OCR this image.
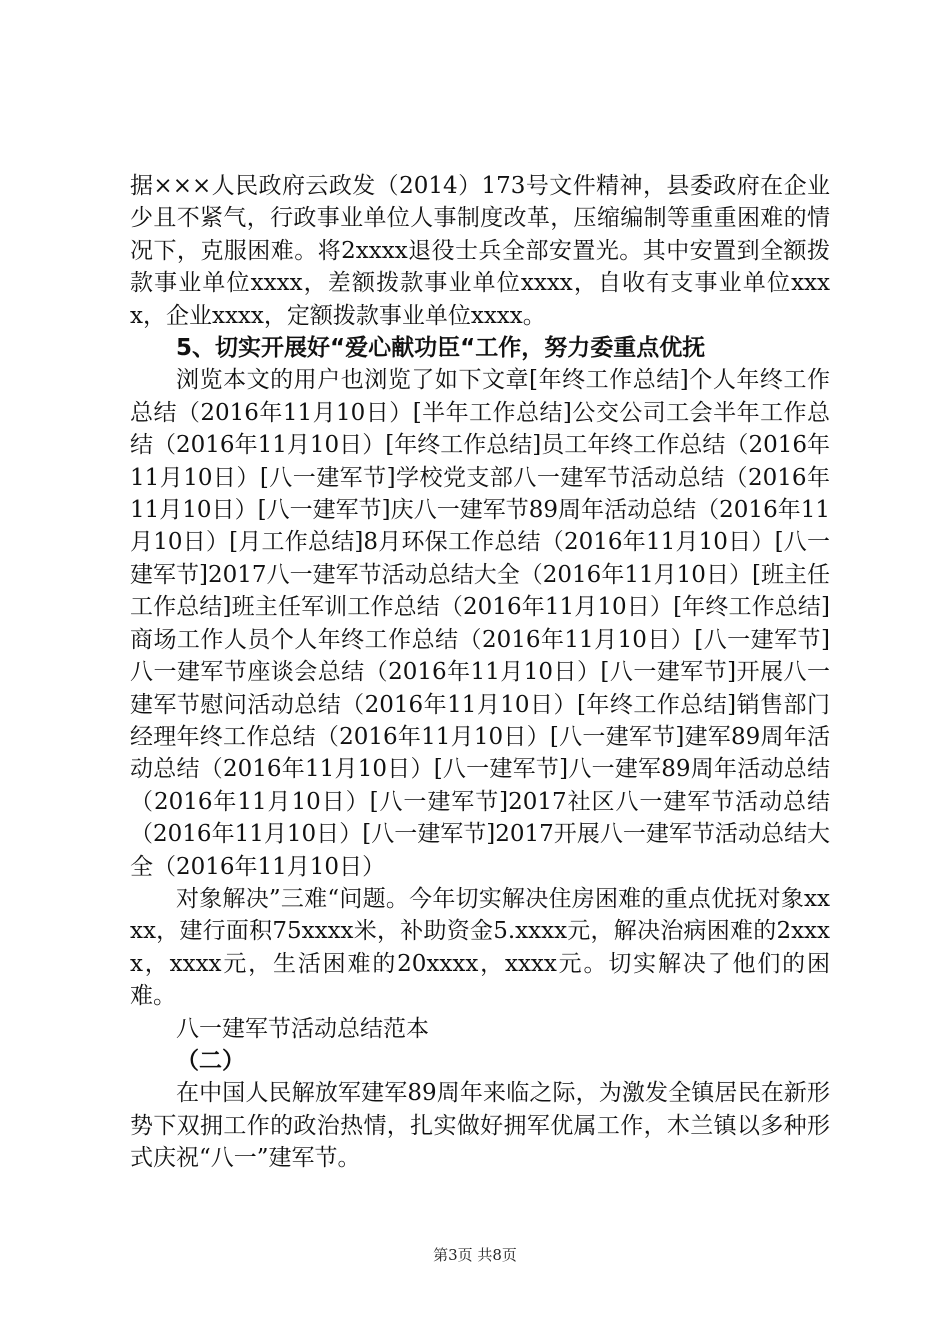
据×××人民政府云政发（2014）173号文件精神，县委政府在企业少且不紧气，行政事业单位人事制度改革，压缩编制等重重困难的情况下，克服困难。将2xxxx退役士兵全部安置光。其中安置到全额拨款事业单位xxxx，差额拨款事业单位xxxx，自收有支事业单位xxxx，企业xxxx，定额拨款事业单位xxxx。

5、切实开展好“爱心献功臣“工作，努力委重点优抚

浏览本文的用户也浏览了如下文章[年终工作总结]个人年终工作总结（2016年11月10日）[半年工作总结]公交公司工会半年工作总结（2016年11月10日）[年终工作总结]员工年终工作总结（2016年11月10日）[八一建军节]学校党支部八一建军节活动总结（2016年11月10日）[八一建军节]庆八一建军节89周年活动总结（2016年11月10日）[月工作总结]8月环保工作总结（2016年11月10日）[八一建军节]2017八一建军节活动总结大全（2016年11月10日）[班主任工作总结]班主任军训工作总结（2016年11月10日）[年终工作总结]商场工作人员个人年终工作总结（2016年11月10日）[八一建军节]八一建军节座谈会总结（2016年11月10日）[八一建军节]开展八一建军节慰问活动总结（2016年11月10日）[年终工作总结]销售部门经理年终工作总结（2016年11月10日）[八一建军节]建军89周年活动总结（2016年11月10日）[八一建军节]八一建军89周年活动总结（2016年11月10日）[八一建军节]2017社区八一建军节活动总结（2016年11月10日）[八一建军节]2017开展八一建军节活动总结大全（2016年11月10日）

对象解决”三难“问题。今年切实解决住房困难的重点优抚对象xxxx，建行面积75xxxx米，补助资金5.xxxx元，解决治病困难的2xxxx，xxxx元，生活困难的20xxxx，xxxx元。切实解决了他们的困难。

八一建军节活动总结范本

（二）

在中国人民解放军建军89周年来临之际，为激发全镇居民在新形势下双拥工作的政治热情，扎实做好拥军优属工作，木兰镇以多种形式庆祝“八一”建军节。

第3页 共8页
